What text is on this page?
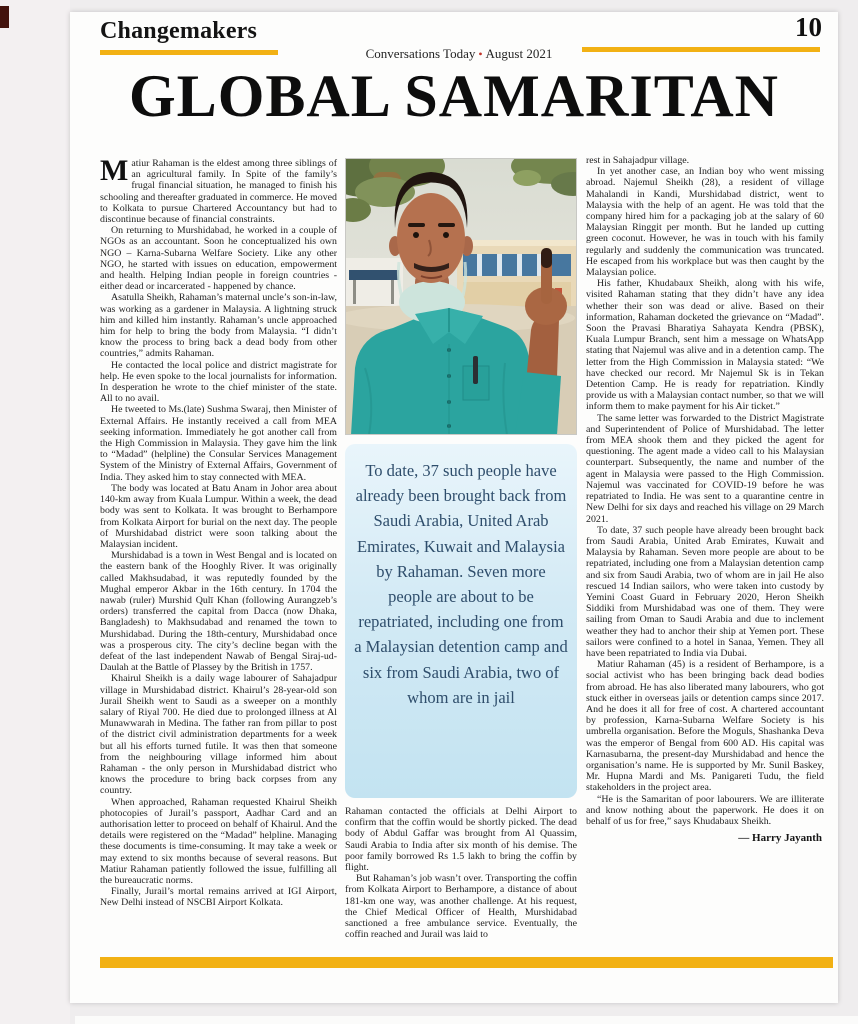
Changemakers
Conversations Today • August 2021
10
GLOBAL SAMARITAN

Matiur Rahaman is the eldest among three siblings of an agricultural family. In Spite of the family’s frugal financial situation, he managed to finish his schooling and thereafter graduated in commerce. He moved to Kolkata to pursue Chartered Accountancy but had to discontinue because of financial constraints.

On returning to Murshidabad, he worked in a couple of NGOs as an accountant. Soon he conceptualized his own NGO – Karna-Subarna Welfare Society. Like any other NGO, he started with issues on education, empowerment and health. Helping Indian people in foreign countries - either dead or incarcerated - happened by chance.

Asatulla Sheikh, Rahaman’s maternal uncle’s son-in-law, was working as a gardener in Malaysia. A lightning struck him and killed him instantly. Rahaman’s uncle approached him for help to bring the body from Malaysia. “I didn’t know the process to bring back a dead body from other countries,” admits Rahaman.

He contacted the local police and district magistrate for help. He even spoke to the local journalists for information. In desperation he wrote to the chief minister of the state. All to no avail.

He tweeted to Ms.(late) Sushma Swaraj, then Minister of External Affairs. He instantly received a call from MEA seeking information. Immediately he got another call from the High Commission in Malaysia. They gave him the link to “Madad” (helpline) the Consular Services Management System of the Ministry of External Affairs, Government of India. They asked him to stay connected with MEA.

The body was located at Batu Anam in Johor area about 140-km away from Kuala Lumpur. Within a week, the dead body was sent to Kolkata. It was brought to Berhampore from Kolkata Airport for burial on the next day. The people of Murshidabad district were soon talking about the Malaysian incident.

Murshidabad is a town in West Bengal and is located on the eastern bank of the Hooghly River. It was originally called Makhsudabad, it was reputedly founded by the Mughal emperor Akbar in the 16th century. In 1704 the nawab (ruler) Murshid Qulī Khan (following Aurangzeb’s orders) transferred the capital from Dacca (now Dhaka, Bangladesh) to Makhsudabad and renamed the town to Murshidabad. During the 18th-century, Murshidabad once was a prosperous city. The city’s decline began with the defeat of the last independent Nawab of Bengal Siraj-ud-Daulah at the Battle of Plassey by the British in 1757.

Khairul Sheikh is a daily wage labourer of Sahajadpur village in Murshidabad district. Khairul’s 28-year-old son Jurail Sheikh went to Saudi as a sweeper on a monthly salary of Riyal 700. He died due to prolonged illness at Al Munawwarah in Medina. The father ran from pillar to post of the district civil administration departments for a week but all his efforts turned futile. It was then that someone from the neighbouring village informed him about Rahaman - the only person in Murshidabad district who knows the procedure to bring back corpses from any country.

When approached, Rahaman requested Khairul Sheikh photocopies of Jurail’s passport, Aadhar Card and an authorisation letter to proceed on behalf of Khairul. And the details were registered on the “Madad” helpline. Managing these documents is time-consuming. It may take a week or may extend to six months because of several reasons. But Matiur Rahaman patiently followed the issue, fulfilling all the bureaucratic norms.

Finally, Jurail’s mortal remains arrived at IGI Airport, New Delhi instead of NSCBI Airport Kolkata.

To date, 37 such people have already been brought back from Saudi Arabia, United Arab Emirates, Kuwait and Malaysia by Rahaman. Seven more people are about to be repatriated, including one from a Malaysian detention camp and six from Saudi Arabia, two of whom are in jail

Rahaman contacted the officials at Delhi Airport to confirm that the coffin would be shortly picked. The dead body of Abdul Gaffar was brought from Al Quassim, Saudi Arabia to India after six month of his demise. The poor family borrowed Rs 1.5 lakh to bring the coffin by flight.

But Rahaman’s job wasn’t over. Transporting the coffin from Kolkata Airport to Berhampore, a distance of about 181-km one way, was another challenge. At his request, the Chief Medical Officer of Health, Murshidabad sanctioned a free ambulance service. Eventually, the coffin reached and Jurail was laid to

rest in Sahajadpur village.

In yet another case, an Indian boy who went missing abroad. Najemul Sheikh (28), a resident of village Mahalandi in Kandi, Murshidabad district, went to Malaysia with the help of an agent. He was told that the company hired him for a packaging job at the salary of 60 Malaysian Ringgit per month. But he landed up cutting green coconut. However, he was in touch with his family regularly and suddenly the communication was truncated. He escaped from his workplace but was then caught by the Malaysian police.

His father, Khudabaux Sheikh, along with his wife, visited Rahaman stating that they didn’t have any idea whether their son was dead or alive. Based on their information, Rahaman docketed the grievance on “Madad”. Soon the Pravasi Bharatiya Sahayata Kendra (PBSK), Kuala Lumpur Branch, sent him a message on WhatsApp stating that Najemul was alive and in a detention camp. The letter from the High Commission in Malaysia stated: “We have checked our record. Mr Najemul Sk is in Tekan Detention Camp. He is ready for repatriation. Kindly provide us with a Malaysian contact number, so that we will inform them to make payment for his Air ticket.”

The same letter was forwarded to the District Magistrate and Superintendent of Police of Murshidabad. The letter from MEA shook them and they picked the agent for questioning. The agent made a video call to his Malaysian counterpart. Subsequently, the name and number of the agent in Malaysia were passed to the High Commission. Najemul was vaccinated for COVID-19 before he was repatriated to India. He was sent to a quarantine centre in New Delhi for six days and reached his village on 29 March 2021.

To date, 37 such people have already been brought back from Saudi Arabia, United Arab Emirates, Kuwait and Malaysia by Rahaman. Seven more people are about to be repatriated, including one from a Malaysian detention camp and six from Saudi Arabia, two of whom are in jail He also rescued 14 Indian sailors, who were taken into custody by Yemini Coast Guard in February 2020, Heron Sheikh Siddiki from Murshidabad was one of them. They were sailing from Oman to Saudi Arabia and due to inclement weather they had to anchor their ship at Yemen port. These sailors were confined to a hotel in Sanaa, Yemen. They all have been repatriated to India via Dubai.

Matiur Rahaman (45) is a resident of Berhampore, is a social activist who has been bringing back dead bodies from abroad. He has also liberated many labourers, who got stuck either in overseas jails or detention camps since 2017. And he does it all for free of cost. A chartered accountant by profession, Karna-Subarna Welfare Society is his umbrella organisation. Before the Moguls, Shashanka Deva was the emperor of Bengal from 600 AD. His capital was Karnasubarna, the present-day Murshidabad and hence the organisation’s name. He is supported by Mr. Sunil Baskey, Mr. Hupna Mardi and Ms. Panigareti Tudu, the field stakeholders in the project area.

“He is the Samaritan of poor labourers. We are illiterate and know nothing about the paperwork. He does it on behalf of us for free,” says Khudabaux Sheikh.

— Harry Jayanth
